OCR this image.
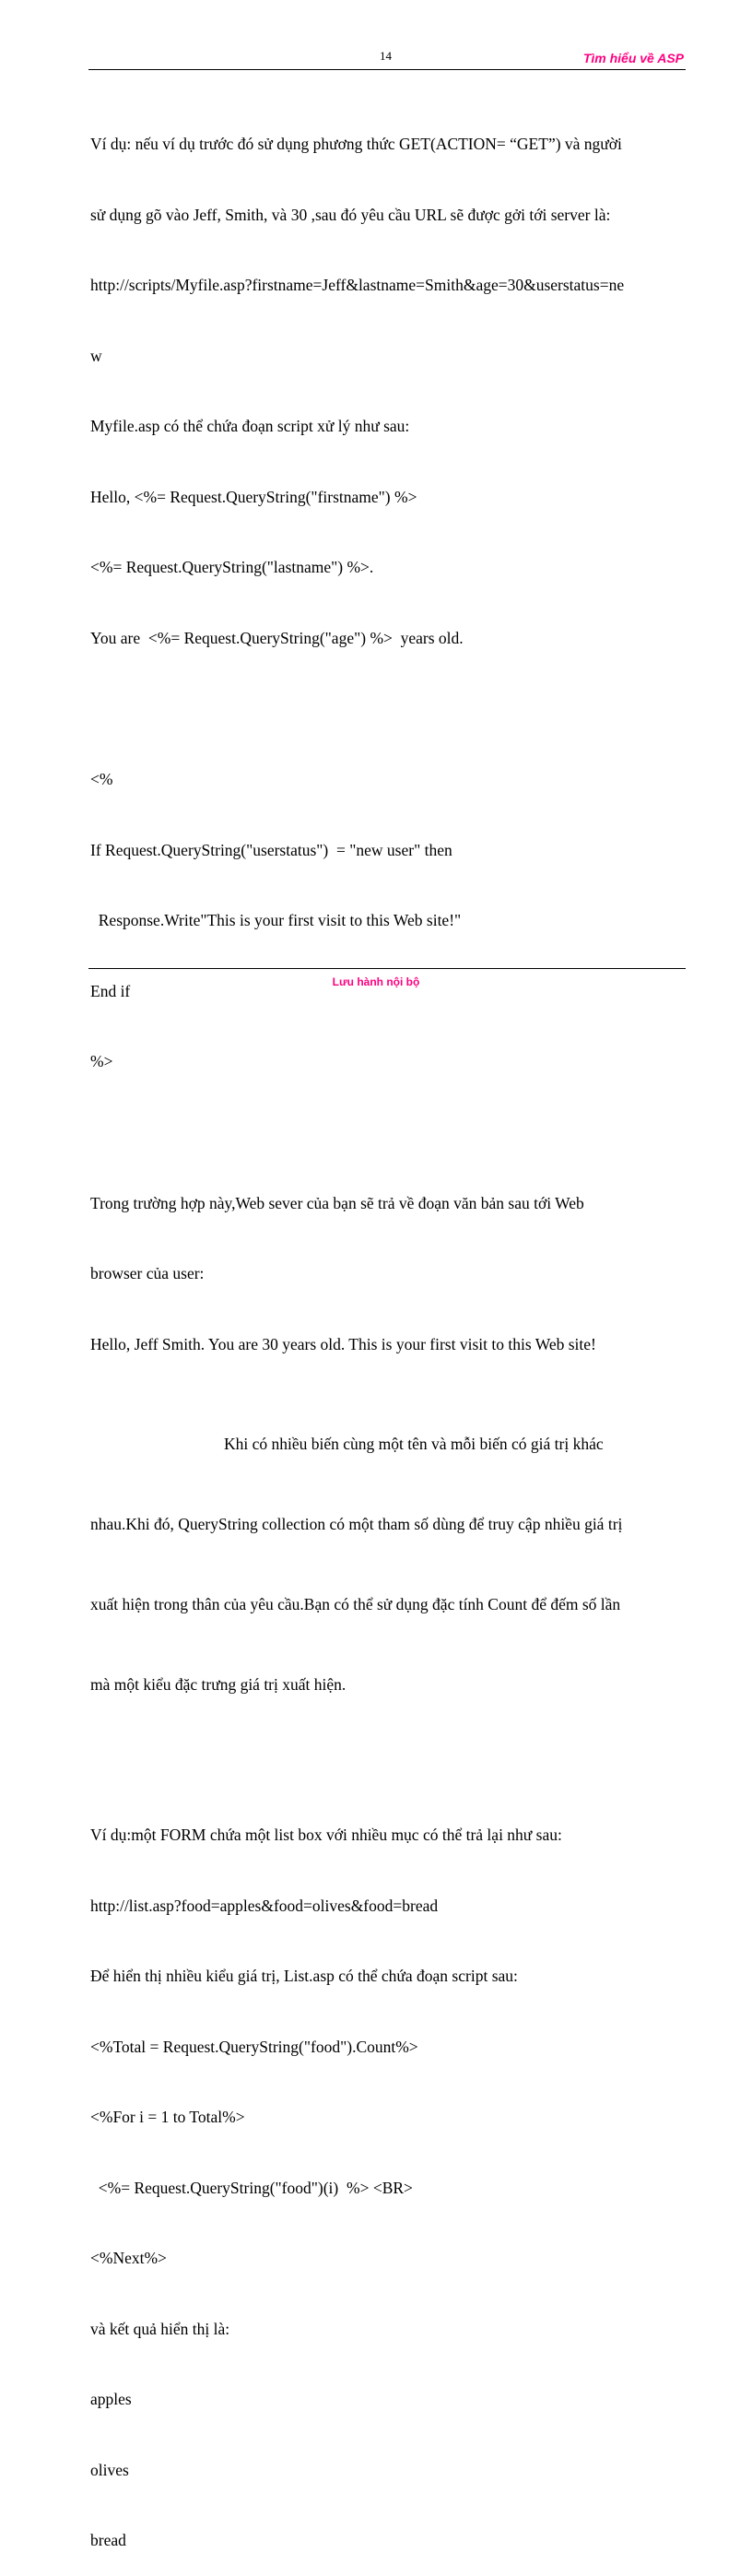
14	Tìm hiểu về ASP

Ví dụ: nếu ví dụ trước đó sử dụng phương thức GET(ACTION= “GET”) và người

sử dụng gõ vào Jeff, Smith, và 30 ,sau đó yêu cầu URL sẽ được gởi tới server là:

http://scripts/Myfile.asp?firstname=Jeff&lastname=Smith&age=30&userstatus=ne

w

Myfile.asp có thể chứa đoạn script xử lý như sau:

Hello, <%= Request.QueryString("firstname") %>

<%= Request.QueryString("lastname") %>.

You are  <%= Request.QueryString("age") %>  years old.

<%

If Request.QueryString("userstatus")  = "new user" then

Response.Write"This is your first visit to this Web site!"

End if

%>

Trong trường hợp này,Web sever của bạn sẽ trả về đoạn văn bản sau tới Web

browser của user:

Hello, Jeff Smith. You are 30 years old. This is your first visit to this Web site!

Khi có nhiều biến cùng một tên và mỗi biến có giá trị khác

nhau.Khi đó, QueryString collection có một tham số dùng để truy cập nhiều giá trị

xuất hiện trong thân của yêu cầu.Bạn có thể sử dụng đặc tính Count để đếm số lần

mà một kiểu đặc trưng giá trị xuất hiện.

Ví dụ:một FORM chứa một list box với nhiều mục có thể trả lại như sau:

http://list.asp?food=apples&food=olives&food=bread

Để hiển thị nhiều kiểu giá trị, List.asp có thể chứa đoạn script sau:

<%Total = Request.QueryString("food").Count%>

<%For i = 1 to Total%>

<%= Request.QueryString("food")(i)  %> <BR>

<%Next%>

và kết quả hiển thị là:

apples

olives

bread

Lưu hành nội bộ
